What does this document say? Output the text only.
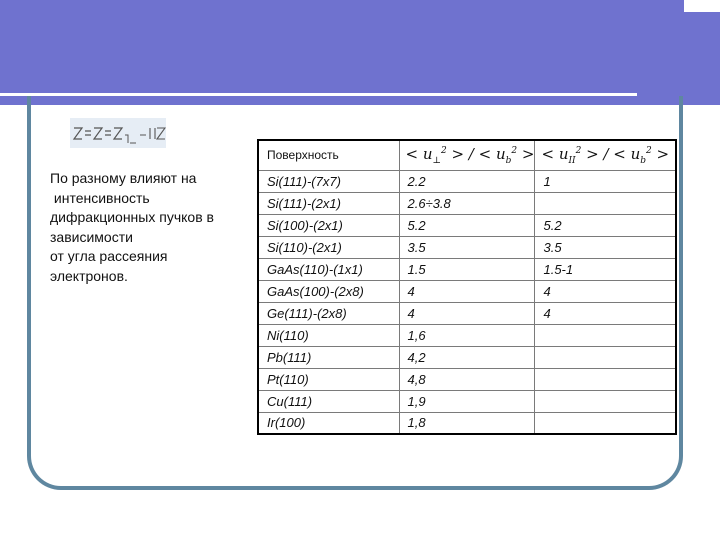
По разному влияют на
интенсивность
дифракционных пучков в
зависимости
от угла рассеяния
электронов.
Поверхность	< $u_\perp^2$ > / < $u_b^2$ >	< $u_{II}^2$ > / < $u_b^2$ >
Si(111)-(7x7)	2.2	1
Si(111)-(2x1)	2.6÷3.8	
Si(100)-(2x1)	5.2	5.2
Si(110)-(2x1)	3.5	3.5
GaAs(110)-(1x1)	1.5	1.5-1
GaAs(100)-(2x8)	4	4
Ge(111)-(2x8)	4	4
Ni(110)	1,6	
Pb(111)	4,2	
Pt(110)	4,8	
Cu(111)	1,9	
Ir(100)	1,8	
